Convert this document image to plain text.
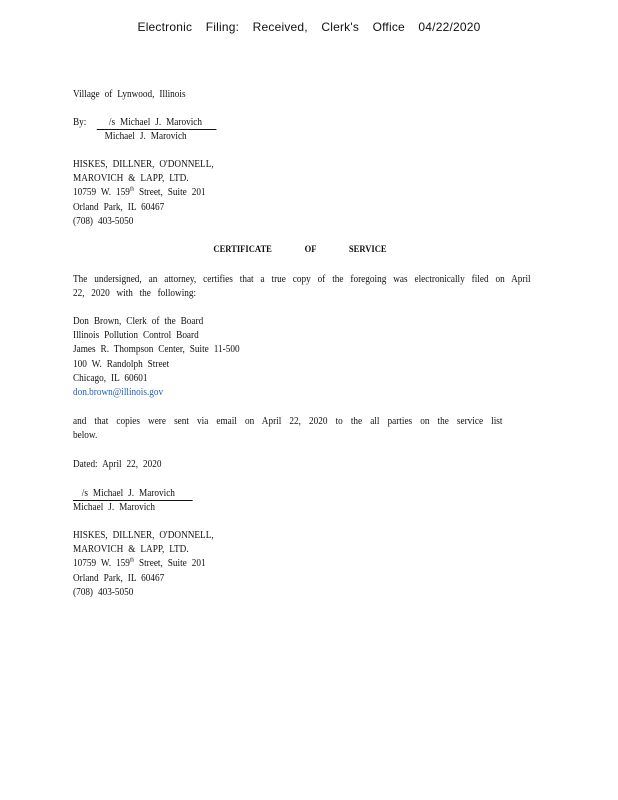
Electronic Filing: Received, Clerk's Office 04/22/2020
Village of Lynwood, Illinois
By: /s Michael J. Marovich
Michael J. Marovich
HISKES, DILLNER, O'DONNELL,
MAROVICH & LAPP, LTD.
10759 W. 159th Street, Suite 201
Orland Park, IL 60467
(708) 403-5050
CERTIFICATE OF SERVICE
The undersigned, an attorney, certifies that a true copy of the foregoing was electronically filed on April 22, 2020 with the following:
Don Brown, Clerk of the Board
Illinois Pollution Control Board
James R. Thompson Center, Suite 11-500
100 W. Randolph Street
Chicago, IL 60601
don.brown@illinois.gov
and that copies were sent via email on April 22, 2020 to the all parties on the service list below.
Dated: April 22, 2020
/s Michael J. Marovich
Michael J. Marovich
HISKES, DILLNER, O'DONNELL,
MAROVICH & LAPP, LTD.
10759 W. 159th Street, Suite 201
Orland Park, IL 60467
(708) 403-5050
